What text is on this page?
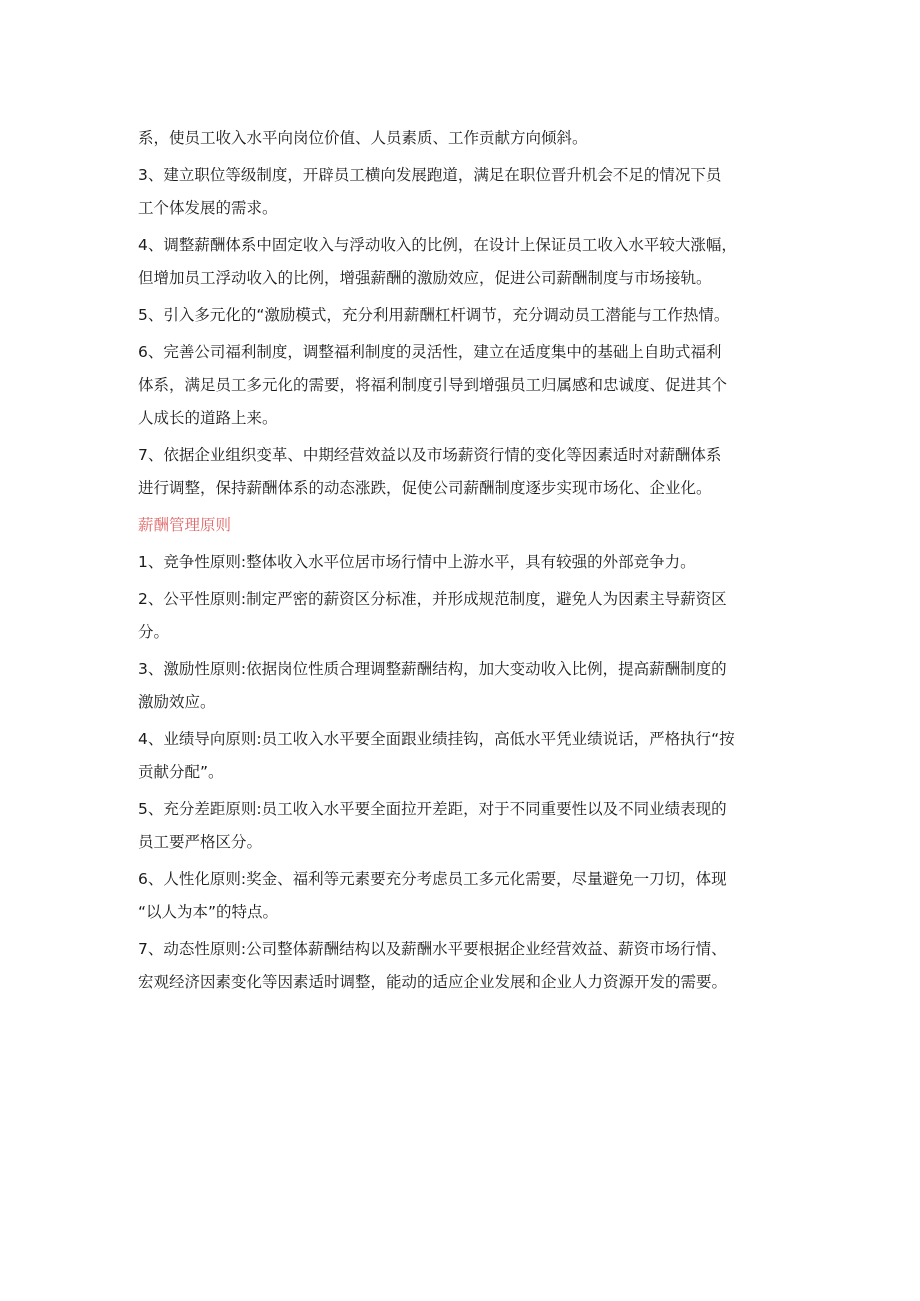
系，使员工收入水平向岗位价值、人员素质、工作贡献方向倾斜。

3、建立职位等级制度，开辟员工横向发展跑道，满足在职位晋升机会不足的情况下员

工个体发展的需求。

4、调整薪酬体系中固定收入与浮动收入的比例，在设计上保证员工收入水平较大涨幅，

但增加员工浮动收入的比例，增强薪酬的激励效应，促进公司薪酬制度与市场接轨。

5、引入多元化的“激励模式，充分利用薪酬杠杆调节，充分调动员工潜能与工作热情。

6、完善公司福利制度，调整福利制度的灵活性，建立在适度集中的基础上自助式福利

体系，满足员工多元化的需要，将福利制度引导到增强员工归属感和忠诚度、促进其个

人成长的道路上来。

7、依据企业组织变革、中期经营效益以及市场薪资行情的变化等因素适时对薪酬体系

进行调整，保持薪酬体系的动态涨跌，促使公司薪酬制度逐步实现市场化、企业化。

薪酬管理原则

1、竞争性原则:整体收入水平位居市场行情中上游水平，具有较强的外部竞争力。

2、公平性原则:制定严密的薪资区分标准，并形成规范制度，避免人为因素主导薪资区

分。

3、激励性原则:依据岗位性质合理调整薪酬结构，加大变动收入比例，提高薪酬制度的

激励效应。

4、业绩导向原则:员工收入水平要全面跟业绩挂钩，高低水平凭业绩说话，严格执行“按

贡献分配”。

5、充分差距原则:员工收入水平要全面拉开差距，对于不同重要性以及不同业绩表现的

员工要严格区分。

6、人性化原则:奖金、福利等元素要充分考虑员工多元化需要，尽量避免一刀切，体现

“以人为本”的特点。

7、动态性原则:公司整体薪酬结构以及薪酬水平要根据企业经营效益、薪资市场行情、

宏观经济因素变化等因素适时调整，能动的适应企业发展和企业人力资源开发的需要。
